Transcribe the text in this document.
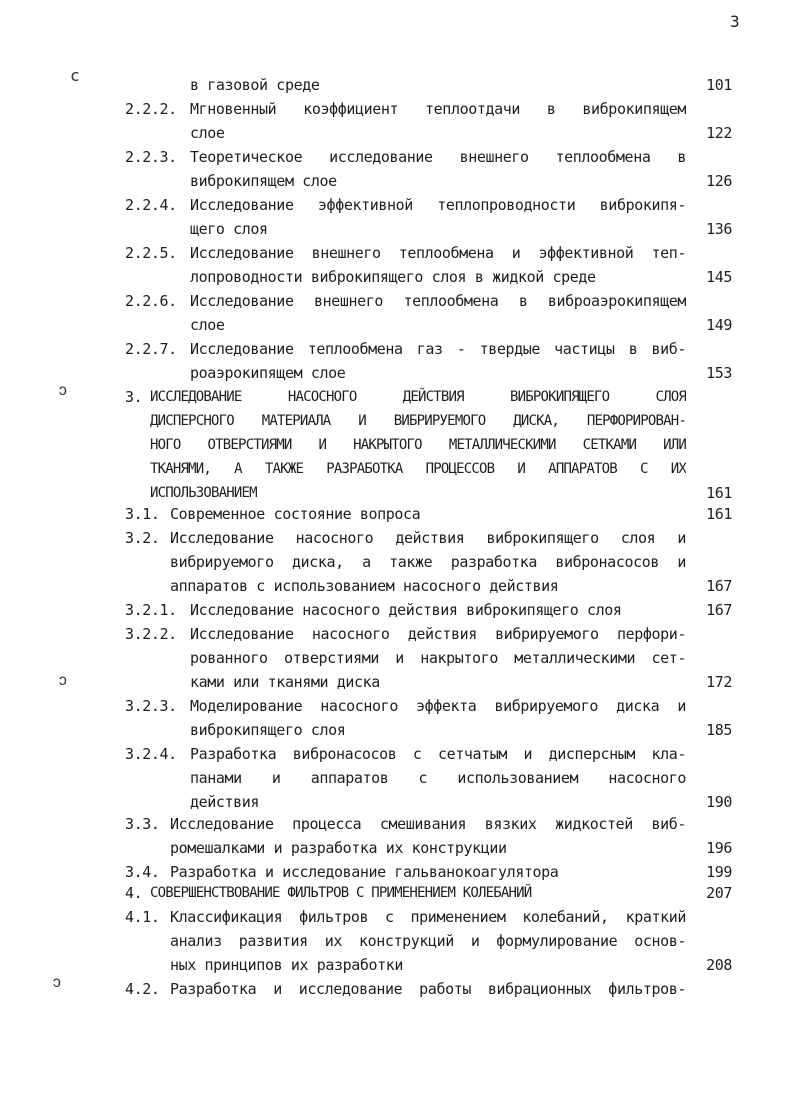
3
ϲ
ↄ
ↄ
ↄ
в газовой среде	101
2.2.2. Мгновенный коэффициент теплоотдачи в виброкипящем
слое	122
2.2.3. Теоретическое исследование внешнего теплообмена в
виброкипящем слое	126
2.2.4. Исследование эффективной теплопроводности виброкипя-
щего слоя	136
2.2.5. Исследование внешнего теплообмена и эффективной теп-
лопроводности виброкипящего слоя в жидкой среде	145
2.2.6. Исследование внешнего теплообмена в виброаэрокипящем
слое	149
2.2.7. Исследование теплообмена газ - твердые частицы в виб-
роаэрокипящем слое	153
3. ИССЛЕДОВАНИЕ НАСОСНОГО ДЕЙСТВИЯ ВИБРОКИПЯЩЕГО СЛОЯ
ДИСПЕРСНОГО МАТЕРИАЛА И ВИБРИРУЕМОГО ДИСКА, ПЕРФОРИРОВАН-
НОГО ОТВЕРСТИЯМИ И НАКРЫТОГО МЕТАЛЛИЧЕСКИМИ СЕТКАМИ ИЛИ
ТКАНЯМИ, А ТАКЖЕ РАЗРАБОТКА ПРОЦЕССОВ И АППАРАТОВ С ИХ
ИСПОЛЬЗОВАНИЕМ	161
3.1. Современное состояние вопроса	161
3.2. Исследование насосного действия виброкипящего слоя и
вибрируемого диска, а также разработка вибронасосов и
аппаратов с использованием насосного действия	167
3.2.1. Исследование насосного действия виброкипящего слоя	167
3.2.2. Исследование насосного действия вибрируемого перфори-
рованного отверстиями и накрытого металлическими сет-
ками или тканями диска	172
3.2.3. Моделирование насосного эффекта вибрируемого диска и
виброкипящего слоя	185
3.2.4. Разработка вибронасосов с сетчатым и дисперсным кла-
панами и аппаратов с использованием насосного
действия	190
3.3. Исследование процесса смешивания вязких жидкостей виб-
ромешалками и разработка их конструкции	196
3.4. Разработка и исследование гальванокоагулятора	199
4. СОВЕРШЕНСТВОВАНИЕ ФИЛЬТРОВ С ПРИМЕНЕНИЕМ КОЛЕБАНИЙ	207
4.1. Классификация фильтров с применением колебаний, краткий
анализ развития их конструкций и формулирование основ-
ных принципов их разработки	208
4.2. Разработка и исследование работы вибрационных фильтров-
